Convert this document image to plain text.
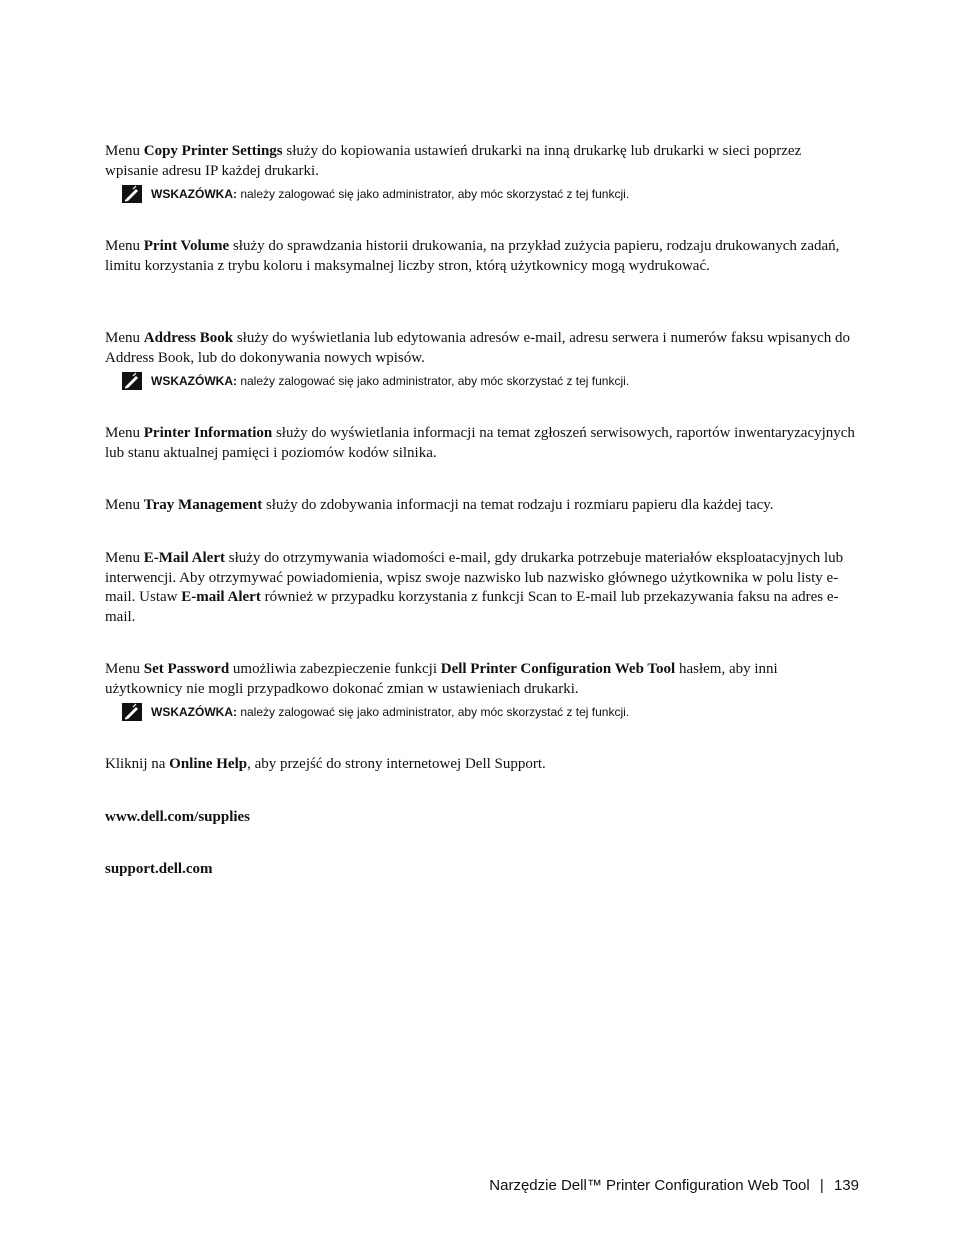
Menu Copy Printer Settings służy do kopiowania ustawień drukarki na inną drukarkę lub drukarki w sieci poprzez wpisanie adresu IP każdej drukarki.

WSKAZÓWKA: należy zalogować się jako administrator, aby móc skorzystać z tej funkcji.

Menu Print Volume służy do sprawdzania historii drukowania, na przykład zużycia papieru, rodzaju drukowanych zadań, limitu korzystania z trybu koloru i maksymalnej liczby stron, którą użytkownicy mogą wydrukować.

Menu Address Book służy do wyświetlania lub edytowania adresów e-mail, adresu serwera i numerów faksu wpisanych do Address Book, lub do dokonywania nowych wpisów.

WSKAZÓWKA: należy zalogować się jako administrator, aby móc skorzystać z tej funkcji.

Menu Printer Information służy do wyświetlania informacji na temat zgłoszeń serwisowych, raportów inwentaryzacyjnych lub stanu aktualnej pamięci i poziomów kodów silnika.

Menu Tray Management służy do zdobywania informacji na temat rodzaju i rozmiaru papieru dla każdej tacy.

Menu E-Mail Alert służy do otrzymywania wiadomości e-mail, gdy drukarka potrzebuje materiałów eksploatacyjnych lub interwencji. Aby otrzymywać powiadomienia, wpisz swoje nazwisko lub nazwisko głównego użytkownika w polu listy e-mail. Ustaw E-mail Alert również w przypadku korzystania z funkcji Scan to E-mail lub przekazywania faksu na adres e-mail.

Menu Set Password umożliwia zabezpieczenie funkcji Dell Printer Configuration Web Tool hasłem, aby inni użytkownicy nie mogli przypadkowo dokonać zmian w ustawieniach drukarki.

WSKAZÓWKA: należy zalogować się jako administrator, aby móc skorzystać z tej funkcji.

Kliknij na Online Help, aby przejść do strony internetowej Dell Support.

www.dell.com/supplies
support.dell.com
Narzędzie Dell™ Printer Configuration Web Tool | 139
